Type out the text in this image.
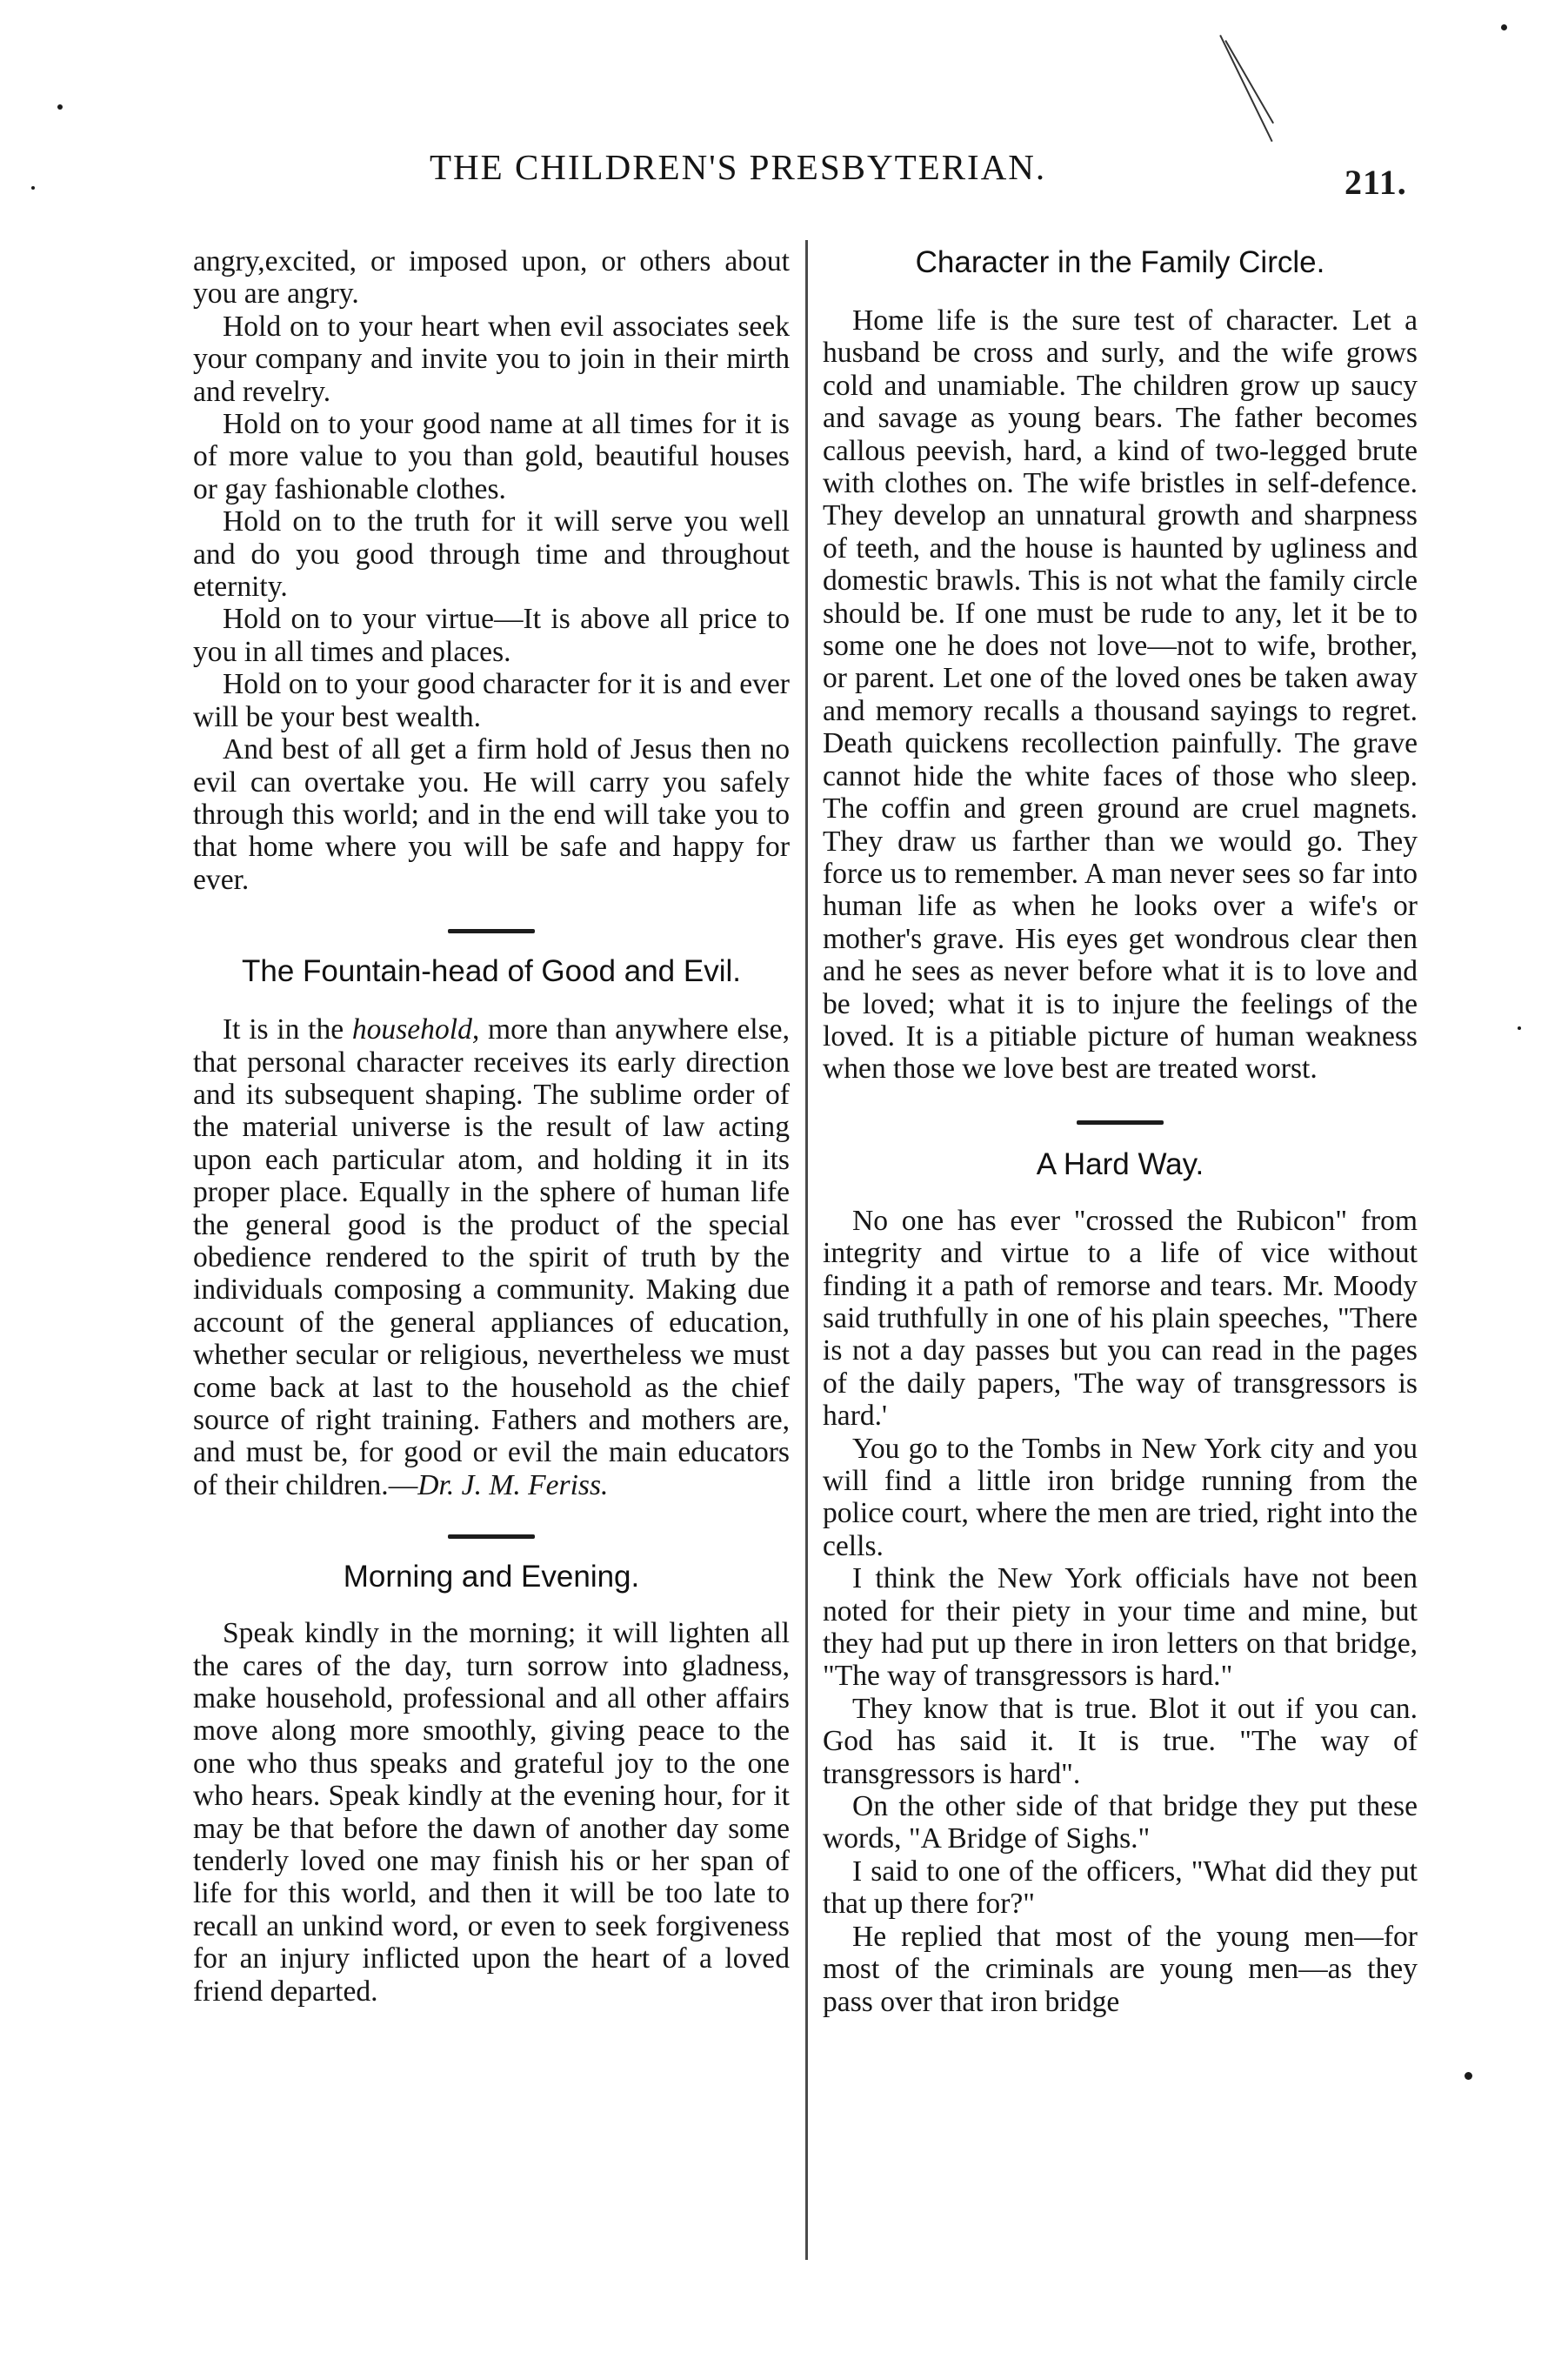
THE CHILDREN'S PRESBYTERIAN.	211.

angry,excited, or imposed upon, or others about you are angry.

Hold on to your heart when evil associates seek your company and invite you to join in their mirth and revelry.

Hold on to your good name at all times for it is of more value to you than gold, beautiful houses or gay fashionable clothes.

Hold on to the truth for it will serve you well and do you good through time and throughout eternity.

Hold on to your virtue—It is above all price to you in all times and places.

Hold on to your good character for it is and ever will be your best wealth.

And best of all get a firm hold of Jesus then no evil can overtake you. He will carry you safely through this world; and in the end will take you to that home where you will be safe and happy for ever.

The Fountain-head of Good and Evil.

It is in the household, more than anywhere else, that personal character receives its early direction and its subsequent shaping. The sublime order of the material universe is the result of law acting upon each particular atom, and holding it in its proper place. Equally in the sphere of human life the general good is the product of the special obedience rendered to the spirit of truth by the individuals composing a community. Making due account of the general appliances of education, whether secular or religious, nevertheless we must come back at last to the household as the chief source of right training. Fathers and mothers are, and must be, for good or evil the main educators of their children.—Dr. J. M. Feriss.

Morning and Evening.

Speak kindly in the morning; it will lighten all the cares of the day, turn sorrow into gladness, make household, professional and all other affairs move along more smoothly, giving peace to the one who thus speaks and grateful joy to the one who hears. Speak kindly at the evening hour, for it may be that before the dawn of another day some tenderly loved one may finish his or her span of life for this world, and then it will be too late to recall an unkind word, or even to seek forgiveness for an injury inflicted upon the heart of a loved friend departed.

Character in the Family Circle.

Home life is the sure test of character. Let a husband be cross and surly, and the wife grows cold and unamiable. The children grow up saucy and savage as young bears. The father becomes callous peevish, hard, a kind of two-legged brute with clothes on. The wife bristles in self-defence. They develop an unnatural growth and sharpness of teeth, and the house is haunted by ugliness and domestic brawls. This is not what the family circle should be. If one must be rude to any, let it be to some one he does not love—not to wife, brother, or parent. Let one of the loved ones be taken away and memory recalls a thousand sayings to regret. Death quickens recollection painfully. The grave cannot hide the white faces of those who sleep. The coffin and green ground are cruel magnets. They draw us farther than we would go. They force us to remember. A man never sees so far into human life as when he looks over a wife's or mother's grave. His eyes get wondrous clear then and he sees as never before what it is to love and be loved; what it is to injure the feelings of the loved. It is a pitiable picture of human weakness when those we love best are treated worst.

A Hard Way.

No one has ever "crossed the Rubicon" from integrity and virtue to a life of vice without finding it a path of remorse and tears. Mr. Moody said truthfully in one of his plain speeches, "There is not a day passes but you can read in the pages of the daily papers, 'The way of transgressors is hard.'

You go to the Tombs in New York city and you will find a little iron bridge running from the police court, where the men are tried, right into the cells.

I think the New York officials have not been noted for their piety in your time and mine, but they had put up there in iron letters on that bridge, "The way of transgressors is hard."

They know that is true. Blot it out if you can. God has said it. It is true. "The way of transgressors is hard".

On the other side of that bridge they put these words, "A Bridge of Sighs."

I said to one of the officers, "What did they put that up there for?"

He replied that most of the young men—for most of the criminals are young men—as they pass over that iron bridge
